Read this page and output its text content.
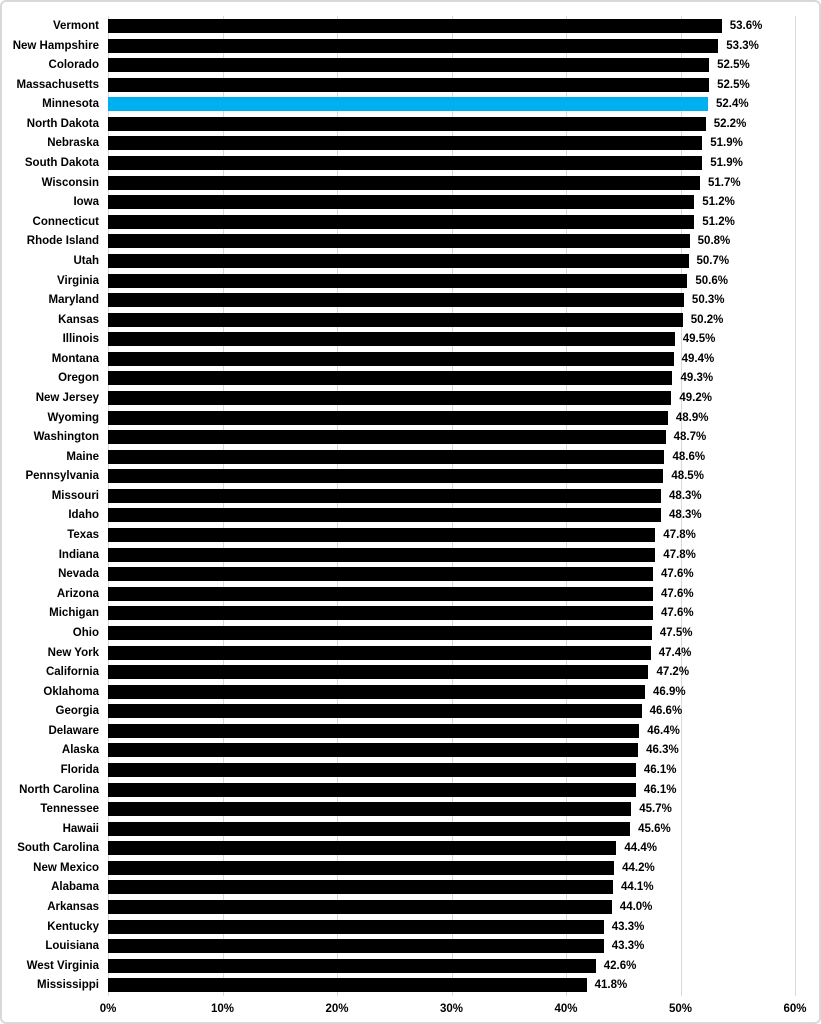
Vermont	53.6%
New Hampshire	53.3%
Colorado	52.5%
Massachusetts	52.5%
Minnesota	52.4%
North Dakota	52.2%
Nebraska	51.9%
South Dakota	51.9%
Wisconsin	51.7%
Iowa	51.2%
Connecticut	51.2%
Rhode Island	50.8%
Utah	50.7%
Virginia	50.6%
Maryland	50.3%
Kansas	50.2%
Illinois	49.5%
Montana	49.4%
Oregon	49.3%
New Jersey	49.2%
Wyoming	48.9%
Washington	48.7%
Maine	48.6%
Pennsylvania	48.5%
Missouri	48.3%
Idaho	48.3%
Texas	47.8%
Indiana	47.8%
Nevada	47.6%
Arizona	47.6%
Michigan	47.6%
Ohio	47.5%
New York	47.4%
California	47.2%
Oklahoma	46.9%
Georgia	46.6%
Delaware	46.4%
Alaska	46.3%
Florida	46.1%
North Carolina	46.1%
Tennessee	45.7%
Hawaii	45.6%
South Carolina	44.4%
New Mexico	44.2%
Alabama	44.1%
Arkansas	44.0%
Kentucky	43.3%
Louisiana	43.3%
West Virginia	42.6%
Mississippi	41.8%
0%	10%	20%	30%	40%	50%	60%
